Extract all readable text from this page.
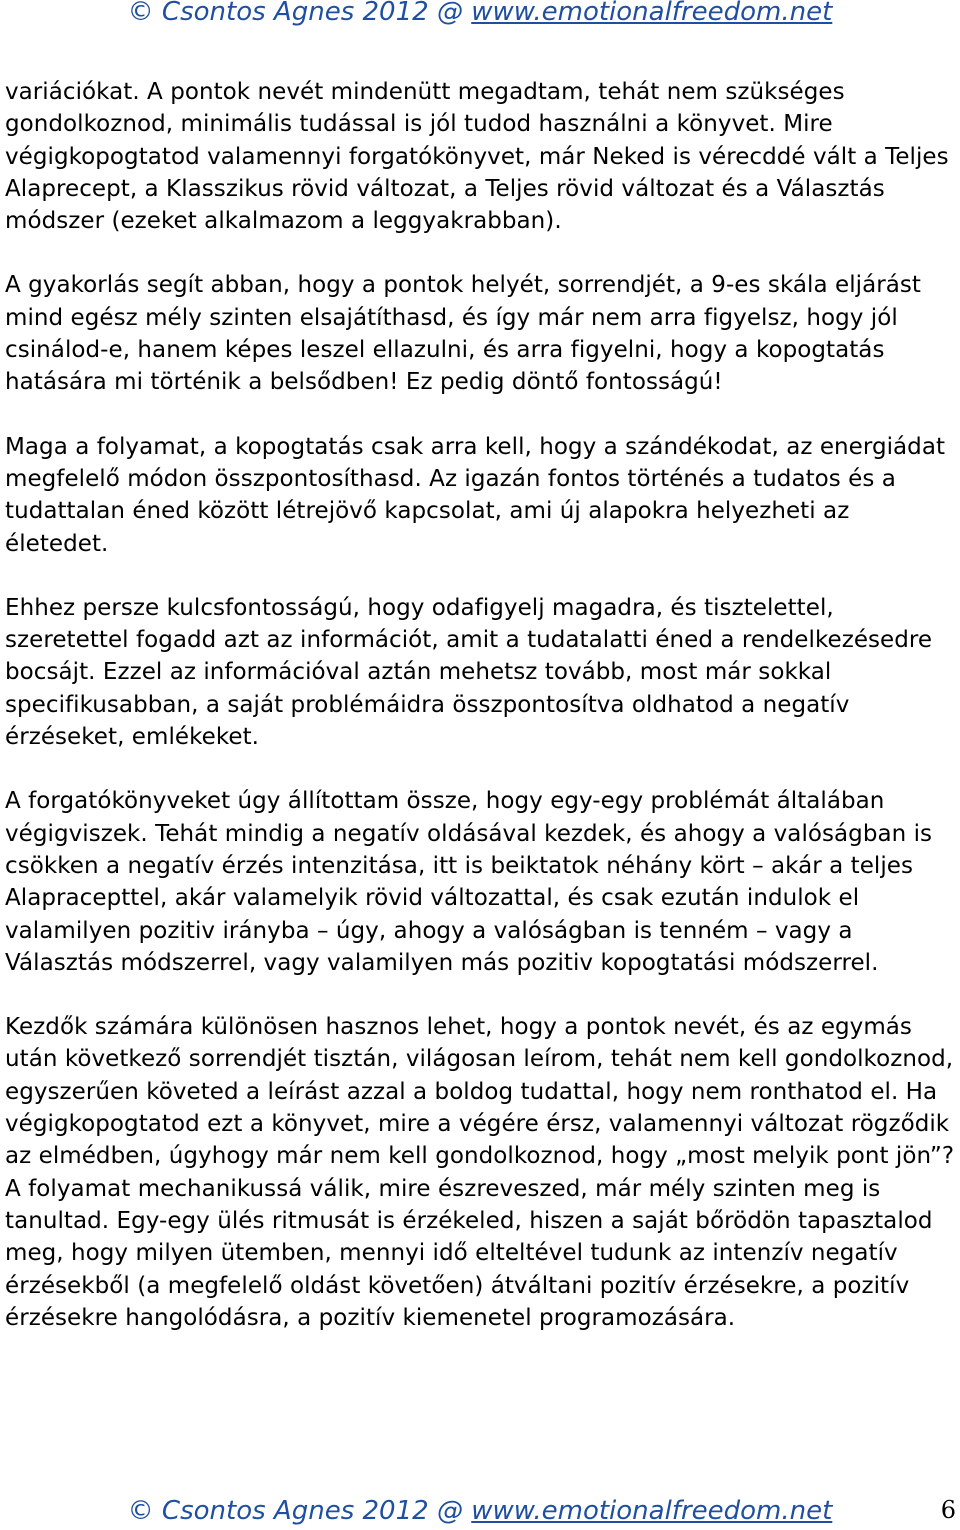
© Csontos Agnes 2012 @ www.emotionalfreedom.net

variációkat. A pontok nevét mindenütt megadtam, tehát nem szükséges gondolkoznod, minimális tudással is jól tudod használni a könyvet. Mire végigkopogtatod valamennyi forgatókönyvet, már Neked is vérecddé vált a Teljes Alaprecept, a Klasszikus rövid változat, a Teljes rövid változat és a Választás módszer (ezeket alkalmazom a leggyakrabban).

A gyakorlás segít abban, hogy a pontok helyét, sorrendjét, a 9-es skála eljárást mind egész mély szinten elsajátíthasd, és így már nem arra figyelsz, hogy jól csinálod-e, hanem képes leszel ellazulni, és arra figyelni, hogy a kopogtatás hatására mi történik a belsődben! Ez pedig döntő fontosságú!

Maga a folyamat, a kopogtatás csak arra kell, hogy a szándékodat, az energiádat megfelelő módon összpontosíthasd. Az igazán fontos történés a tudatos és a tudattalan éned között létrejövő kapcsolat, ami új alapokra helyezheti az életedet.

Ehhez persze kulcsfontosságú, hogy odafigyelj magadra, és tisztelettel, szeretettel fogadd azt az információt, amit a tudatalatti éned a rendelkezésedre bocsájt. Ezzel az információval aztán mehetsz tovább, most már sokkal specifikusabban, a saját problémáidra összpontosítva oldhatod a negatív érzéseket, emlékeket.

A forgatókönyveket úgy állítottam össze, hogy egy-egy problémát általában végigviszek. Tehát mindig a negatív oldásával kezdek, és ahogy a valóságban is csökken a negatív érzés intenzitása, itt is beiktatok néhány kört – akár a teljes Alapracepttel, akár valamelyik rövid változattal, és csak ezután indulok el valamilyen pozitiv irányba – úgy, ahogy a valóságban is tenném – vagy a Választás módszerrel, vagy valamilyen más pozitiv kopogtatási módszerrel.

Kezdők számára különösen hasznos lehet, hogy a pontok nevét, és az egymás után következő sorrendjét tisztán, világosan leírom, tehát nem kell gondolkoznod, egyszerűen követed a leírást azzal a boldog tudattal, hogy nem ronthatod el. Ha végigkopogtatod ezt a könyvet, mire a végére érsz, valamennyi változat rögződik az elmédben, úgyhogy már nem kell gondolkoznod, hogy „most melyik pont jön”? A folyamat mechanikussá válik, mire észreveszed, már mély szinten meg is tanultad. Egy-egy ülés ritmusát is érzékeled, hiszen a saját bőrödön tapasztalod meg, hogy milyen ütemben, mennyi idő elteltével tudunk az intenzív negatív érzésekből (a megfelelő oldást követően) átváltani pozitív érzésekre, a pozitív érzésekre hangolódásra, a pozitív kiemenetel programozására.

© Csontos Agnes 2012 @ www.emotionalfreedom.net	6
